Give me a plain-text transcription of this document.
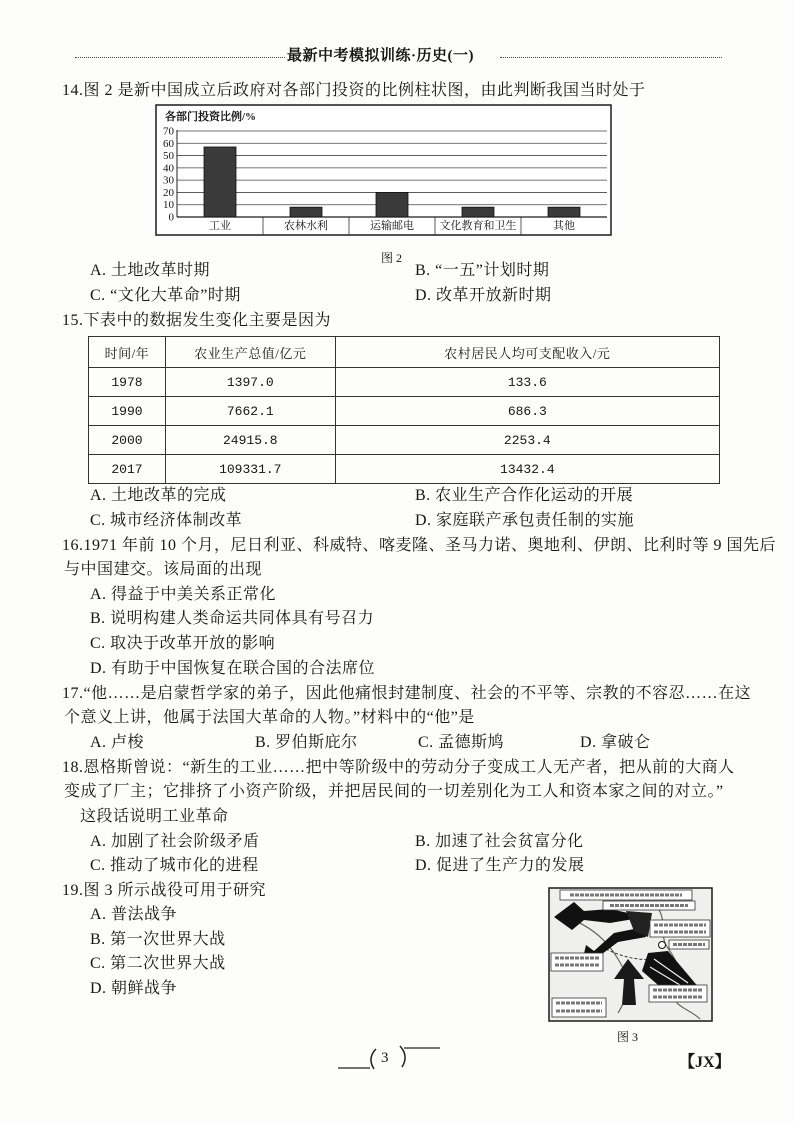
最新中考模拟训练·历史(一)
14.图 2 是新中国成立后政府对各部门投资的比例柱状图，由此判断我国当时处于
各部门投资比例/%
0
10
20
30
40
50
60
70
工业	农林水利	运输邮电 文化教育和卫生	其他
图 2
A. 土地改革时期	B. “一五”计划时期
C. “文化大革命”时期	D. 改革开放新时期
15.下表中的数据发生变化主要是因为
时间/年	农业生产总值/亿元	农村居民人均可支配收入/元
1978	1397.0	133.6
1990	7662.1	686.3
2000	24915.8	2253.4
2017	109331.7	13432.4
A. 土地改革的完成	B. 农业生产合作化运动的开展
C. 城市经济体制改革	D. 家庭联产承包责任制的实施
16.1971 年前 10 个月，尼日利亚、科威特、喀麦隆、圣马力诺、奥地利、伊朗、比利时等 9 国先后
与中国建交。该局面的出现
A. 得益于中美关系正常化
B. 说明构建人类命运共同体具有号召力
C. 取决于改革开放的影响
D. 有助于中国恢复在联合国的合法席位
17.“他……是启蒙哲学家的弟子，因此他痛恨封建制度、社会的不平等、宗教的不容忍……在这
个意义上讲，他属于法国大革命的人物。”材料中的“他”是
A. 卢梭	B. 罗伯斯庇尔	C. 孟德斯鸠	D. 拿破仑
18.恩格斯曾说：“新生的工业……把中等阶级中的劳动分子变成工人无产者，把从前的大商人
变成了厂主；它排挤了小资产阶级，并把居民间的一切差别化为工人和资本家之间的对立。”
这段话说明工业革命
A. 加剧了社会阶级矛盾	B. 加速了社会贫富分化
C. 推动了城市化的进程	D. 促进了生产力的发展
19.图 3 所示战役可用于研究
A. 普法战争
B. 第一次世界大战
C. 第二次世界大战
D. 朝鲜战争
图 3
3	【JX】
